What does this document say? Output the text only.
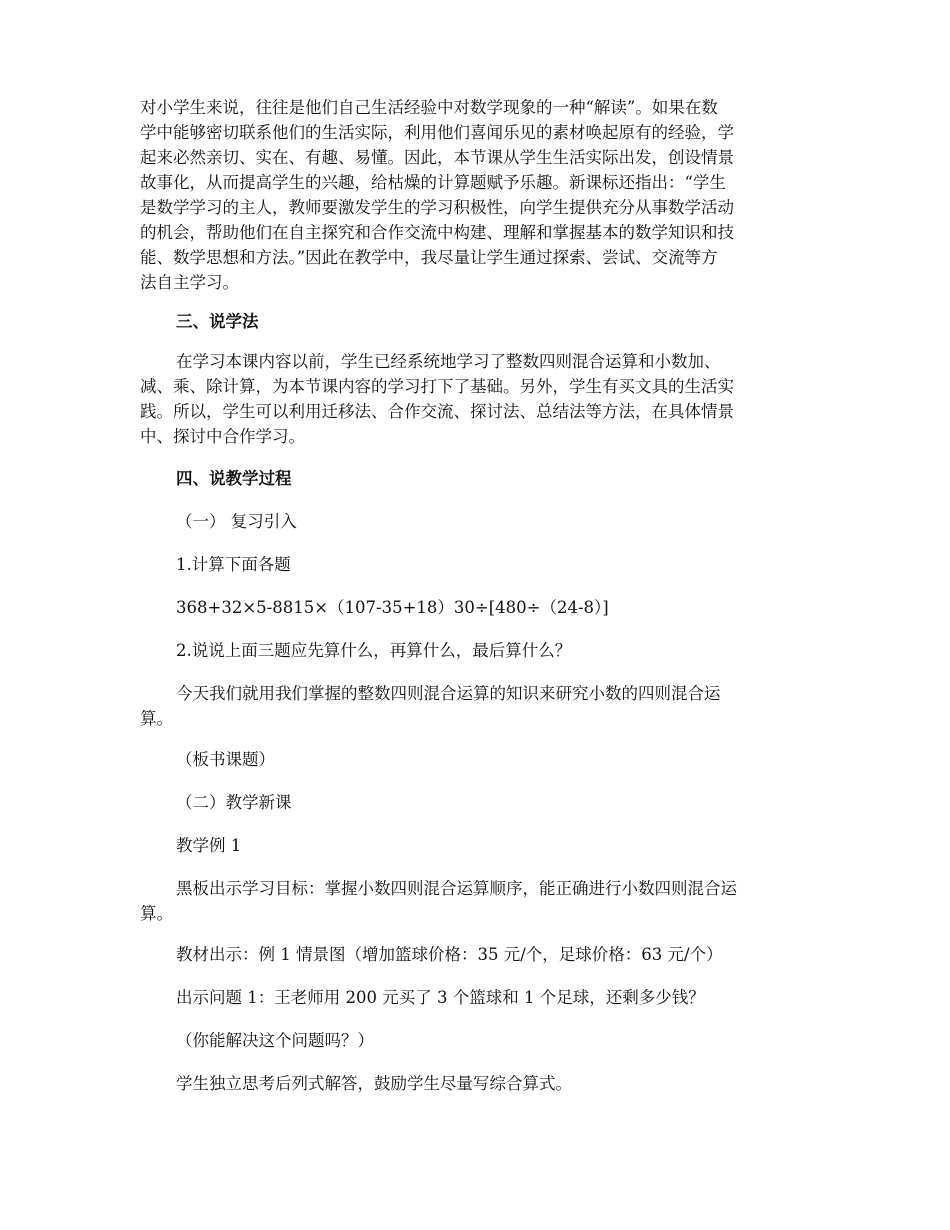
对小学生来说，往往是他们自己生活经验中对数学现象的一种“解读”。如果在数
学中能够密切联系他们的生活实际，利用他们喜闻乐见的素材唤起原有的经验，学
起来必然亲切、实在、有趣、易懂。因此，本节课从学生生活实际出发，创设情景
故事化，从而提高学生的兴趣，给枯燥的计算题赋予乐趣。新课标还指出：“学生
是数学学习的主人，教师要激发学生的学习积极性，向学生提供充分从事数学活动
的机会，帮助他们在自主探究和合作交流中构建、理解和掌握基本的数学知识和技
能、数学思想和方法。”因此在教学中，我尽量让学生通过探索、尝试、交流等方
法自主学习。
三、说学法
在学习本课内容以前，学生已经系统地学习了整数四则混合运算和小数加、
减、乘、除计算，为本节课内容的学习打下了基础。另外，学生有买文具的生活实
践。所以，学生可以利用迁移法、合作交流、探讨法、总结法等方法，在具体情景
中、探讨中合作学习。
四、说教学过程
（一） 复习引入
1.计算下面各题
368+32×5-8815×（107-35+18）30÷[480÷（24-8）]
2.说说上面三题应先算什么，再算什么，最后算什么？
今天我们就用我们掌握的整数四则混合运算的知识来研究小数的四则混合运
算。
（板书课题）
（二）教学新课
教学例 1
黑板出示学习目标：掌握小数四则混合运算顺序，能正确进行小数四则混合运
算。
教材出示：例 1 情景图（增加篮球价格：35 元/个，足球价格：63 元/个）
出示问题 1：王老师用 200 元买了 3 个篮球和 1 个足球，还剩多少钱？
（你能解决这个问题吗？）
学生独立思考后列式解答，鼓励学生尽量写综合算式。
